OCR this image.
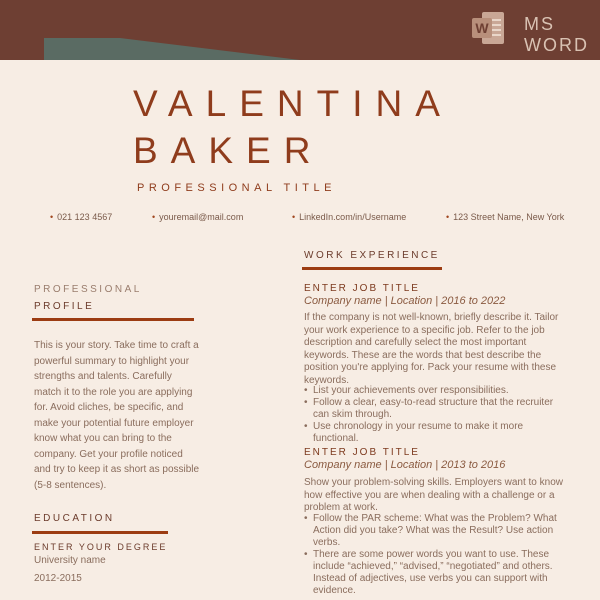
W MS
WORD
VALENTINA
BAKER
PROFESSIONAL TITLE
• 021 123 4567	• youremail@mail.com	• LinkedIn.com/in/Username	• 123 Street Name, New York
PROFESSIONAL
PROFILE
This is your story. Take time to craft a powerful summary to highlight your strengths and talents. Carefully match it to the role you are applying for. Avoid cliches, be specific, and make your potential future employer know what you can bring to the company. Get your profile noticed and try to keep it as short as possible (5-8 sentences).
EDUCATION
ENTER YOUR DEGREE
University name
2012-2015
WORK EXPERIENCE
ENTER JOB TITLE
Company name | Location | 2016 to 2022
If the company is not well-known, briefly describe it. Tailor your work experience to a specific job. Refer to the job description and carefully select the most important keywords. These are the words that best describe the position you're applying for. Pack your resume with these keywords.
• List your achievements over responsibilities.
• Follow a clear, easy-to-read structure that the recruiter can skim through.
• Use chronology in your resume to make it more functional.
ENTER JOB TITLE
Company name | Location | 2013 to 2016
Show your problem-solving skills. Employers want to know how effective you are when dealing with a challenge or a problem at work.
• Follow the PAR scheme: What was the Problem? What Action did you take? What was the Result? Use action verbs.
• There are some power words you want to use. These include “achieved,” “advised,” “negotiated” and others. Instead of adjectives, use verbs you can support with evidence.
